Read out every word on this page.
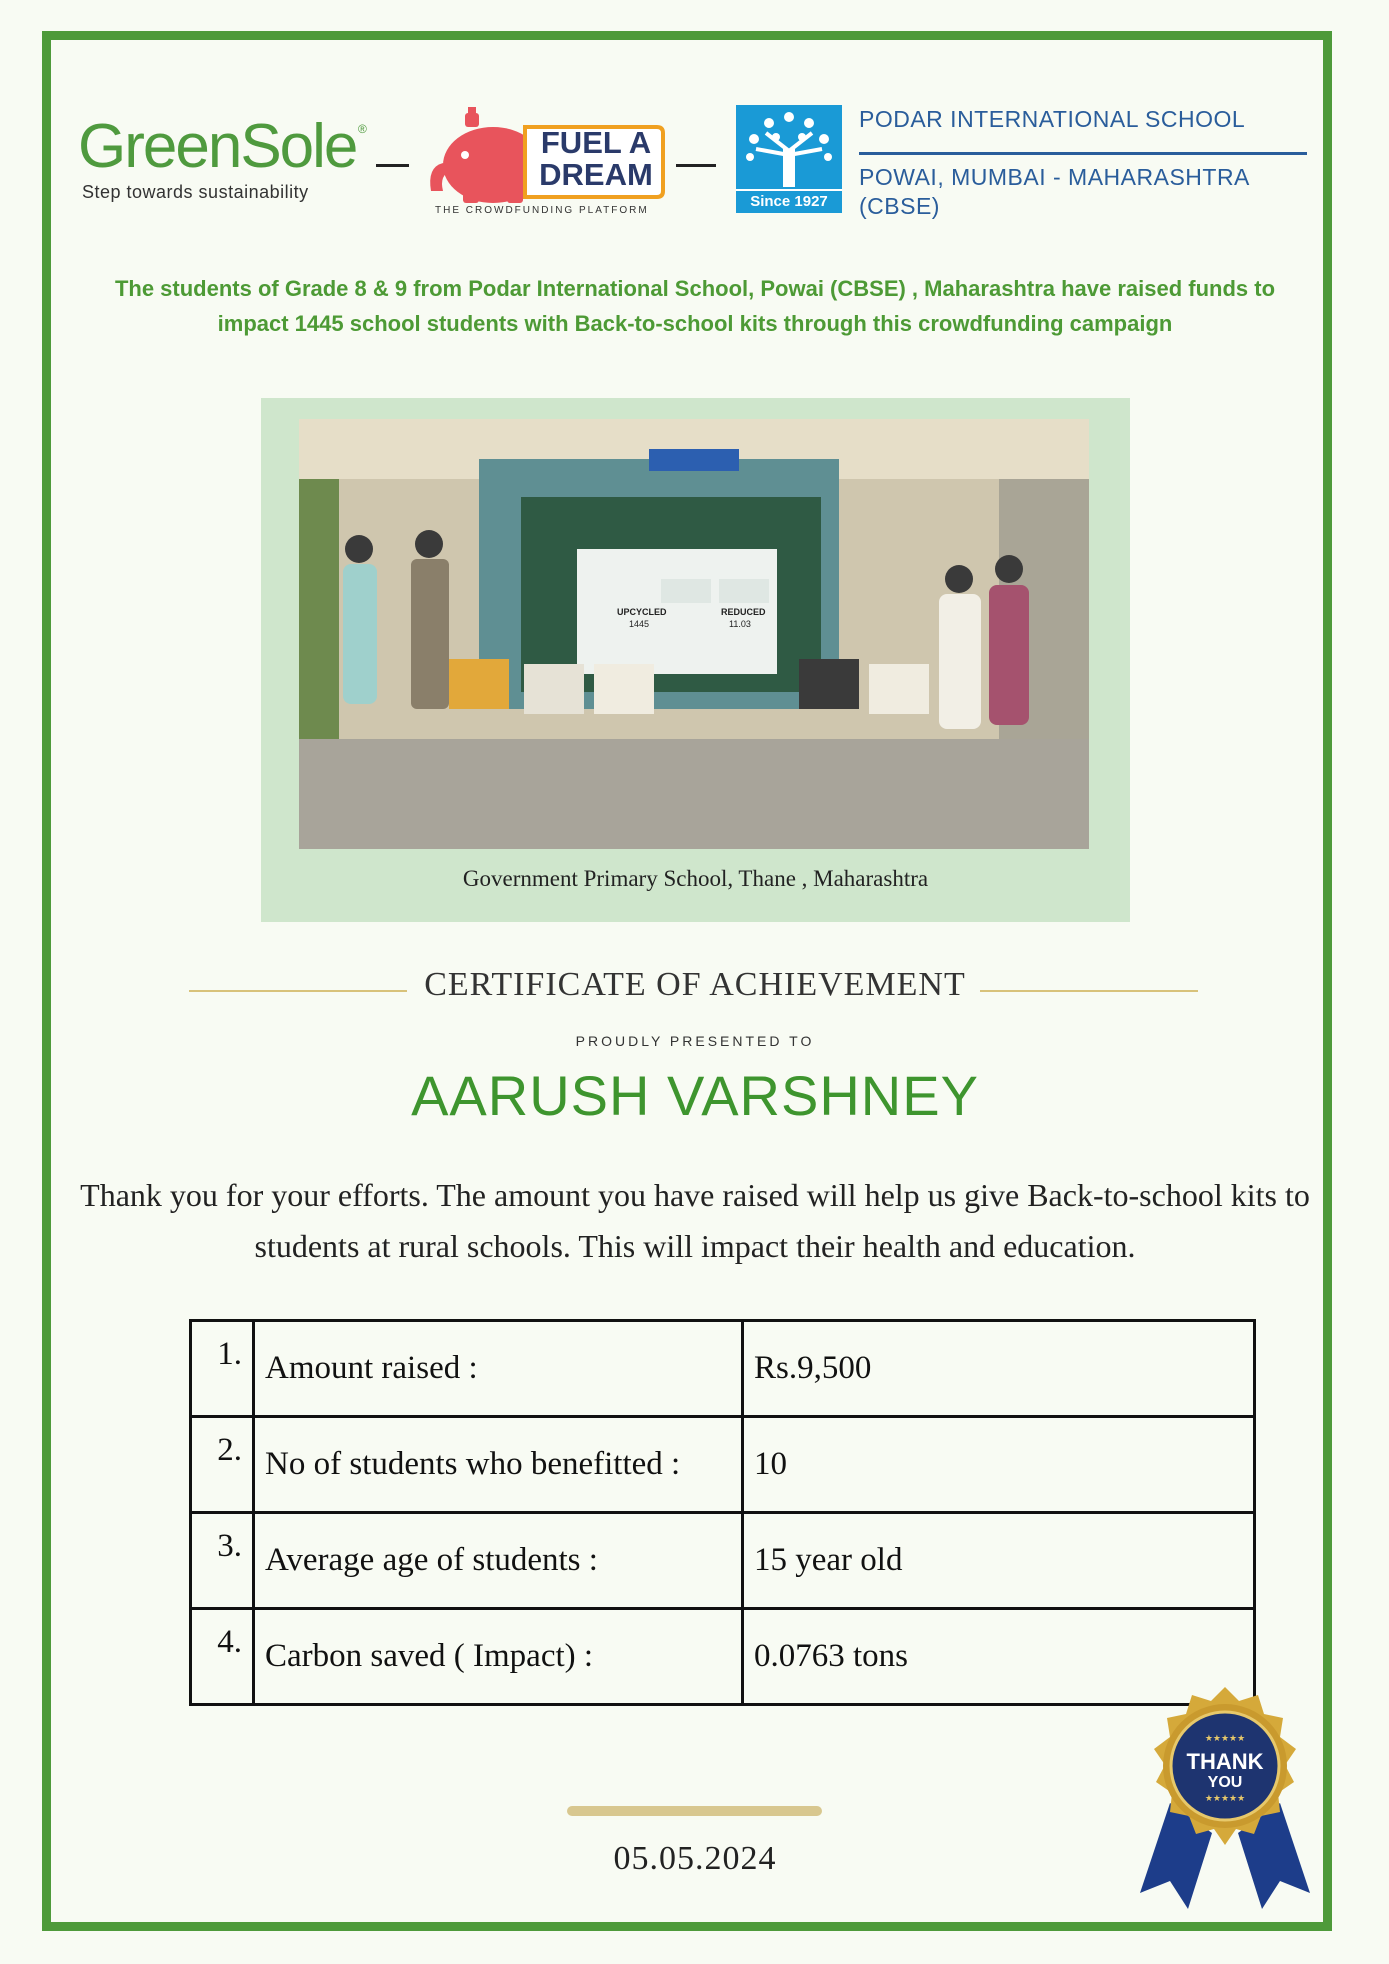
GreenSole ®
Step towards sustainability
FUEL A
DREAM
THE CROWDFUNDING PLATFORM
Since 1927
PODAR INTERNATIONAL SCHOOL
POWAI, MUMBAI - MAHARASHTRA
(CBSE)
The students of Grade 8 & 9 from Podar International School, Powai (CBSE) , Maharashtra have raised funds to impact 1445 school students with Back-to-school kits through this crowdfunding campaign
UPCYCLED
1445
REDUCED
11.03
Government Primary School, Thane , Maharashtra
CERTIFICATE OF ACHIEVEMENT
PROUDLY PRESENTED TO
AARUSH VARSHNEY
Thank you for your efforts. The amount you have raised will help us give Back-to-school kits to students at rural schools. This will impact their health and education.
1.	Amount raised :	Rs.9,500
2.	No of students who benefitted :	10
3.	Average age of students :	15 year old
4.	Carbon saved ( Impact) :	0.0763 tons
★★★★★
★★★★★
THANK
YOU
05.05.2024
